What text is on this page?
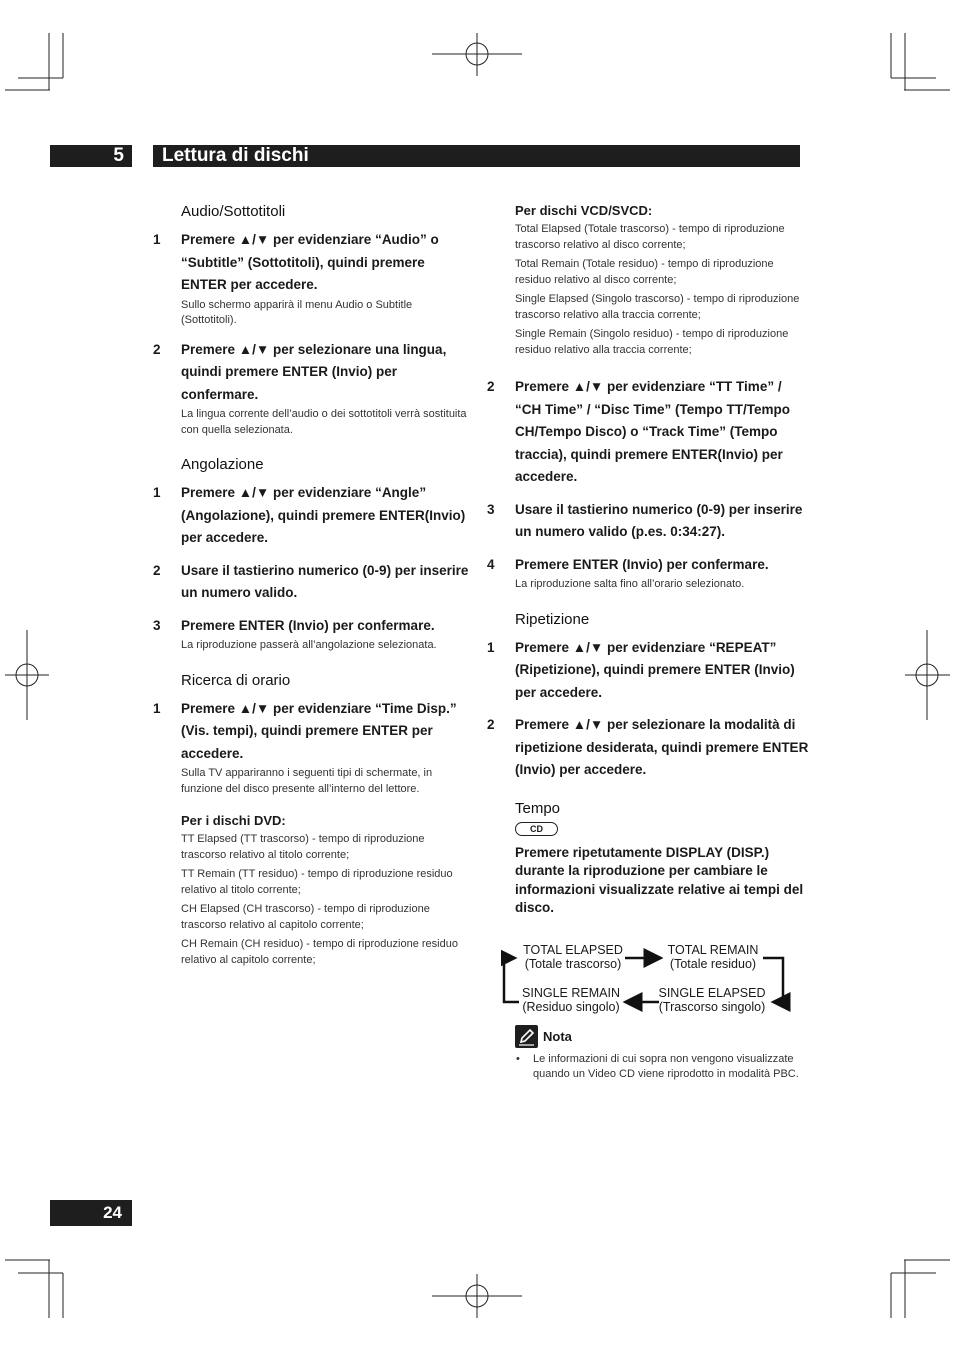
5	Lettura di dischi
Audio/Sottotitoli
1 Premere ▲/▼ per evidenziare “Audio” o “Subtitle” (Sottotitoli), quindi premere ENTER per accedere.
Sullo schermo apparirà il menu Audio o Subtitle (Sottotitoli).
2 Premere ▲/▼ per selezionare una lingua, quindi premere ENTER (Invio) per confermare.
La lingua corrente dell’audio o dei sottotitoli verrà sostituita con quella selezionata.
Angolazione
1 Premere ▲/▼ per evidenziare “Angle” (Angolazione), quindi premere ENTER(Invio) per accedere.
2 Usare il tastierino numerico (0-9) per inserire un numero valido.
3 Premere ENTER (Invio) per confermare.
La riproduzione passerà all’angolazione selezionata.
Ricerca di orario
1 Premere ▲/▼ per evidenziare “Time Disp.” (Vis. tempi), quindi premere ENTER per accedere.
Sulla TV appariranno i seguenti tipi di schermate, in funzione del disco presente all’interno del lettore.
Per i dischi DVD:
TT Elapsed (TT trascorso) - tempo di riproduzione trascorso relativo al titolo corrente;
TT Remain (TT residuo) - tempo di riproduzione residuo relativo al titolo corrente;
CH Elapsed (CH trascorso) - tempo di riproduzione trascorso relativo al capitolo corrente;
CH Remain (CH residuo) - tempo di riproduzione residuo relativo al capitolo corrente;
Per dischi VCD/SVCD:
Total Elapsed (Totale trascorso) - tempo di riproduzione trascorso relativo al disco corrente;
Total Remain (Totale residuo) - tempo di riproduzione residuo relativo al disco corrente;
Single Elapsed (Singolo trascorso) - tempo di riproduzione trascorso relativo alla traccia corrente;
Single Remain (Singolo residuo) - tempo di riproduzione residuo relativo alla traccia corrente;
2 Premere ▲/▼ per evidenziare “TT Time” / “CH Time” / “Disc Time” (Tempo TT/Tempo CH/Tempo Disco) o “Track Time” (Tempo traccia), quindi premere ENTER(Invio) per accedere.
3 Usare il tastierino numerico (0-9) per inserire un numero valido (p.es. 0:34:27).
4 Premere ENTER (Invio) per confermare.
La riproduzione salta fino all’orario selezionato.
Ripetizione
1 Premere ▲/▼ per evidenziare “REPEAT” (Ripetizione), quindi premere ENTER (Invio) per accedere.
2 Premere ▲/▼ per selezionare la modalità di ripetizione desiderata, quindi premere ENTER (Invio) per accedere.
Tempo
CD
Premere ripetutamente DISPLAY (DISP.) durante la riproduzione per cambiare le informazioni visualizzate relative ai tempi del disco.
TOTAL ELAPSED
(Totale trascorso)
TOTAL REMAIN
(Totale residuo)
SINGLE REMAIN
(Residuo singolo)
SINGLE ELAPSED
(Trascorso singolo)
Nota
• Le informazioni di cui sopra non vengono visualizzate quando un Video CD viene riprodotto in modalità PBC.
24
